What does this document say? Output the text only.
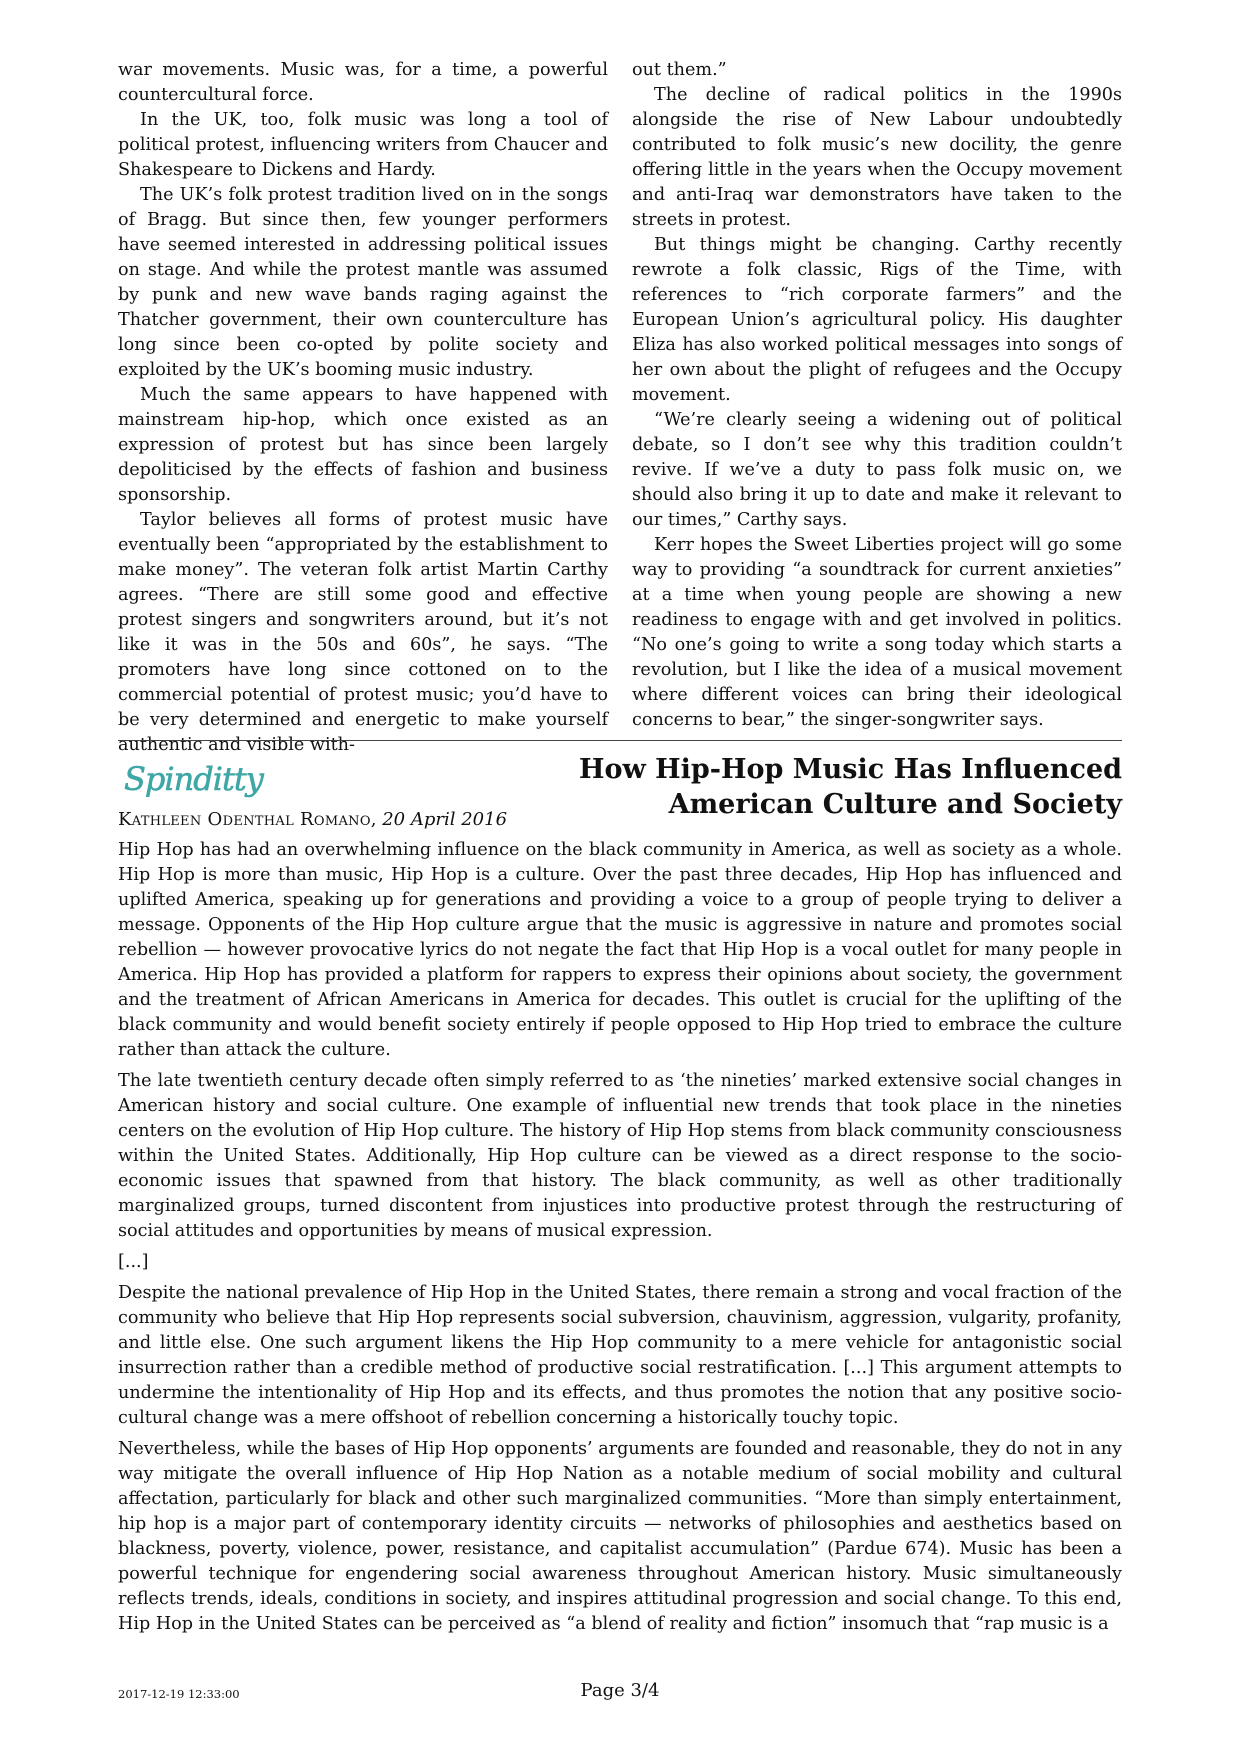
war movements. Music was, for a time, a powerful countercultural force.

In the UK, too, folk music was long a tool of political protest, influencing writers from Chaucer and Shakespeare to Dickens and Hardy.

The UK’s folk protest tradition lived on in the songs of Bragg. But since then, few younger performers have seemed interested in addressing political issues on stage. And while the protest mantle was assumed by punk and new wave bands raging against the Thatcher government, their own counterculture has long since been co-opted by polite society and exploited by the UK’s booming music industry.

Much the same appears to have happened with mainstream hip-hop, which once existed as an expression of protest but has since been largely depoliticised by the effects of fashion and business sponsorship.

Taylor believes all forms of protest music have eventually been “appropriated by the establishment to make money”. The veteran folk artist Martin Carthy agrees. “There are still some good and effective protest singers and songwriters around, but it’s not like it was in the 50s and 60s”, he says. “The promoters have long since cottoned on to the commercial potential of protest music; you’d have to be very determined and energetic to make yourself authentic and visible with-

out them.”

The decline of radical politics in the 1990s alongside the rise of New Labour undoubtedly contributed to folk music’s new docility, the genre offering little in the years when the Occupy movement and anti-Iraq war demonstrators have taken to the streets in protest.

But things might be changing. Carthy recently rewrote a folk classic, Rigs of the Time, with references to “rich corporate farmers” and the European Union’s agricultural policy. His daughter Eliza has also worked political messages into songs of her own about the plight of refugees and the Occupy movement.

“We’re clearly seeing a widening out of political debate, so I don’t see why this tradition couldn’t revive. If we’ve a duty to pass folk music on, we should also bring it up to date and make it relevant to our times,” Carthy says.

Kerr hopes the Sweet Liberties project will go some way to providing “a soundtrack for current anxieties” at a time when young people are showing a new readiness to engage with and get involved in politics. “No one’s going to write a song today which starts a revolution, but I like the idea of a musical movement where different voices can bring their ideological concerns to bear,” the singer-songwriter says.

Spinditty	How Hip-Hop Music Has Influenced
American Culture and Society
Kathleen Odenthal Romano, 20 April 2016

Hip Hop has had an overwhelming influence on the black community in America, as well as society as a whole. Hip Hop is more than music, Hip Hop is a culture. Over the past three decades, Hip Hop has influenced and uplifted America, speaking up for generations and providing a voice to a group of people trying to deliver a message. Opponents of the Hip Hop culture argue that the music is aggressive in nature and promotes social rebellion — however provocative lyrics do not negate the fact that Hip Hop is a vocal outlet for many people in America. Hip Hop has provided a platform for rappers to express their opinions about society, the government and the treatment of African Americans in America for decades. This outlet is crucial for the uplifting of the black community and would benefit society entirely if people opposed to Hip Hop tried to embrace the culture rather than attack the culture.

The late twentieth century decade often simply referred to as ‘the nineties’ marked extensive social changes in American history and social culture. One example of influential new trends that took place in the nineties centers on the evolution of Hip Hop culture. The history of Hip Hop stems from black community consciousness within the United States. Additionally, Hip Hop culture can be viewed as a direct response to the socio-economic issues that spawned from that history. The black community, as well as other traditionally marginalized groups, turned discontent from injustices into productive protest through the restructuring of social attitudes and opportunities by means of musical expression.

[...]

Despite the national prevalence of Hip Hop in the United States, there remain a strong and vocal fraction of the community who believe that Hip Hop represents social subversion, chauvinism, aggression, vulgarity, profanity, and little else. One such argument likens the Hip Hop community to a mere vehicle for antagonistic social insurrection rather than a credible method of productive social restratification. [...] This argument attempts to undermine the intentionality of Hip Hop and its effects, and thus promotes the notion that any positive socio-cultural change was a mere offshoot of rebellion concerning a historically touchy topic.

Nevertheless, while the bases of Hip Hop opponents’ arguments are founded and reasonable, they do not in any way mitigate the overall influence of Hip Hop Nation as a notable medium of social mobility and cultural affectation, particularly for black and other such marginalized communities. “More than simply entertainment, hip hop is a major part of contemporary identity circuits — networks of philosophies and aesthetics based on blackness, poverty, violence, power, resistance, and capitalist accumulation” (Pardue 674). Music has been a powerful technique for engendering social awareness throughout American history. Music simultaneously reflects trends, ideals, conditions in society, and inspires attitudinal progression and social change. To this end, Hip Hop in the United States can be perceived as “a blend of reality and fiction” insomuch that “rap music is a

2017-12-19 12:33:00	Page 3/4
